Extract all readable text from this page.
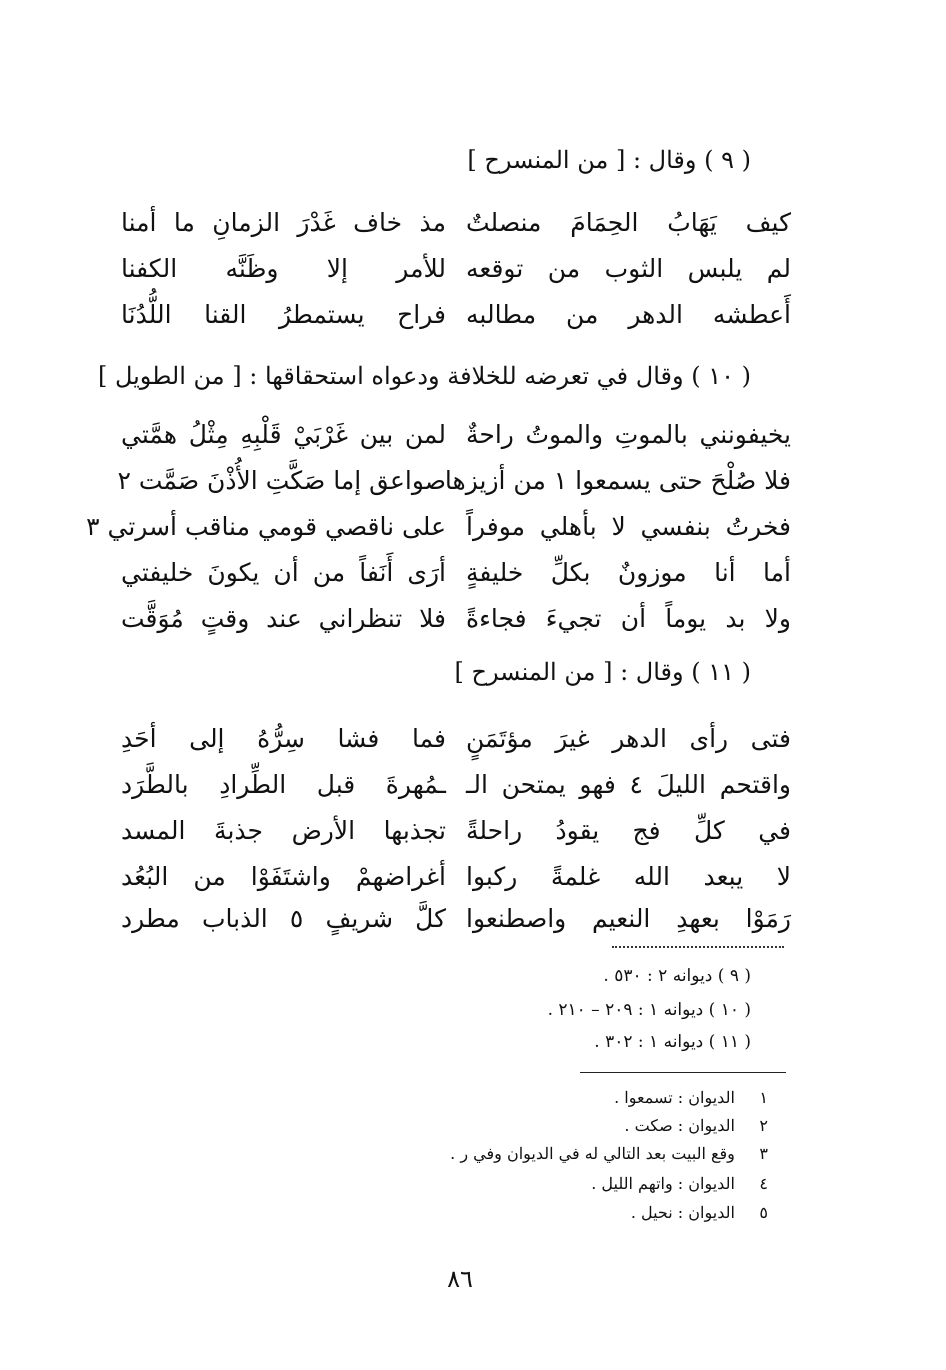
( ٩ ) وقال : [ من المنسرح ]
كيف يَهَابُ الحِمَامَ منصلتٌ
مذ خاف غَدْرَ الزمانِ ما أمنا
لم يلبس الثوب من توقعه
للأمر إلا وظَنَّه الكفنا
أَعطشه الدهر من مطالبه
فراح يستمطرُ القنا اللُّدُنَا
( ١٠ ) وقال في تعرضه للخلافة ودعواه استحقاقها : [ من الطويل ]
يخيفونني بالموتِ والموتُ راحةٌ
لمن بين غَرْبَيْ قَلْبِهِ مِثْلُ همَّتي
فلا صُلْحَ حتى يسمعوا ١ من أزيزها
صواعق إما صَكَّتِ الأُذْنَ صَمَّت ٢
فخرتُ بنفسي لا بأهلي موفراً
على ناقصي قومي مناقب أسرتي ٣
أما أنا موزونٌ بكلِّ خليفةٍ
أرَى أَنَفاً من أن يكونَ خليفتي
ولا بد يوماً أن تجيءَ فجاءةً
فلا تنظراني عند وقتٍ مُوَقَّت
( ١١ ) وقال : [ من المنسرح ]
فتى رأى الدهر غيرَ مؤتَمَنٍ
فما فشا سِرُّهُ إلى أحَدِ
واقتحم الليلَ ٤ فهو يمتحن الـ
ـمُهرةَ قبل الطِّرادِ بالطَّرَد
في كلِّ فج يقودُ راحلةً
تجذبها الأرض جذبةَ المسد
لا يبعد الله غلمةً ركبوا
أغراضهمْ واشتَفَوْا من البُعُد
رَمَوْا بعهدِ النعيم واصطنعوا
كلَّ شريفٍ ٥ الذباب مطرد
( ٩ ) ديوانه ٢ : ٥٣٠ .
( ١٠ ) ديوانه ١ : ٢٠٩ – ٢١٠ .
( ١١ ) ديوانه ١ : ٣٠٢ .
١ الديوان : تسمعوا .
٢ الديوان : صكت .
٣ وقع البيت بعد التالي له في الديوان وفي ر .
٤ الديوان : واتهم الليل .
٥ الديوان : نحيل .
٨٦
